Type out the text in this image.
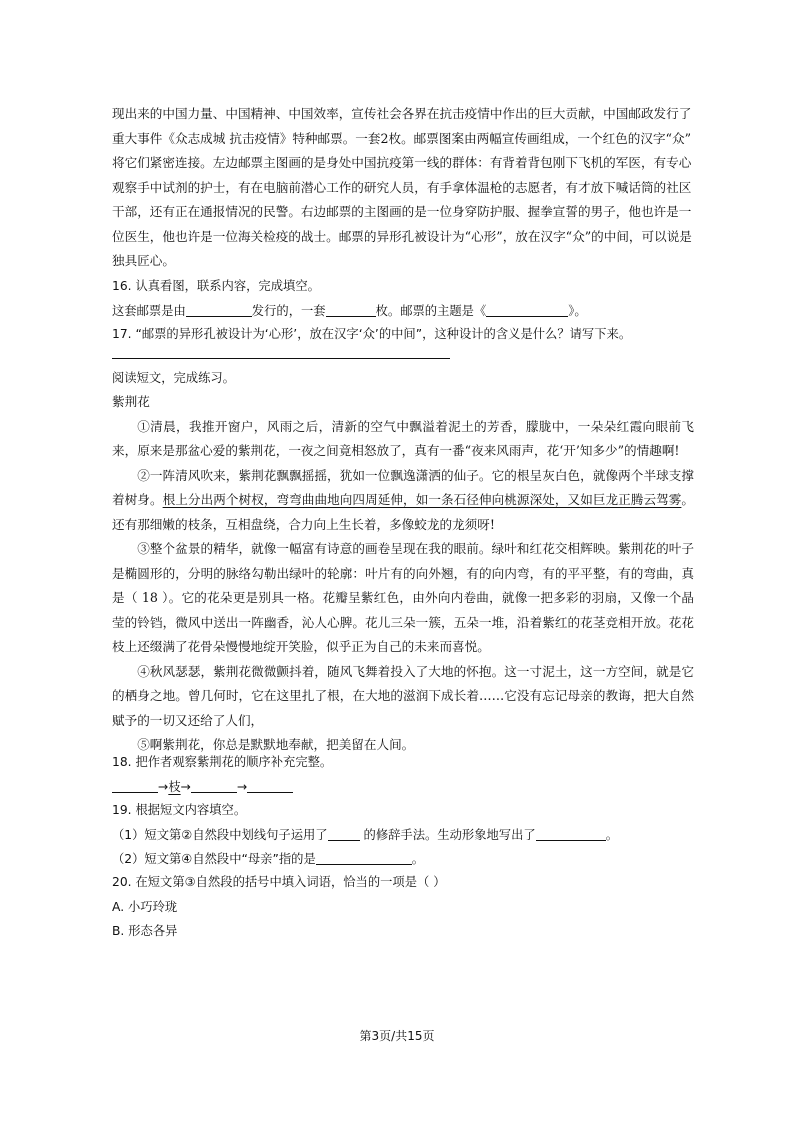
现出来的中国力量、中国精神、中国效率，宣传社会各界在抗击疫情中作出的巨大贡献，中国邮政发行了

重大事件《众志成城 抗击疫情》特种邮票。一套2枚。邮票图案由两幅宣传画组成，一个红色的汉字“众”

将它们紧密连接。左边邮票主图画的是身处中国抗疫第一线的群体：有背着背包刚下飞机的军医，有专心

观察手中试剂的护士，有在电脑前潜心工作的研究人员，有手拿体温枪的志愿者，有才放下喊话筒的社区

干部，还有正在通报情况的民警。右边邮票的主图画的是一位身穿防护服、握拳宣誓的男子，他也许是一

位医生，他也许是一位海关检疫的战士。邮票的异形孔被设计为“心形”，放在汉字“众”的中间，可以说是

独具匠心。

16. 认真看图，联系内容，完成填空。

这套邮票是由	发行的，一套	枚。邮票的主题是《	》。

17. “邮票的异形孔被设计为‘心形’，放在汉字‘众’的中间”，这种设计的含义是什么？请写下来。

阅读短文，完成练习。

紫荆花

①清晨，我推开窗户，风雨之后，清新的空气中飘溢着泥土的芳香，朦胧中，一朵朵红霞向眼前飞来，原来是那盆心爱的紫荆花，一夜之间竟相怒放了，真有一番“夜来风雨声，花‘开’知多少”的情趣啊!

②一阵清风吹来，紫荆花飘飘摇摇，犹如一位飘逸潇洒的仙子。它的根呈灰白色，就像两个半球支撑着树身。根上分出两个树杈，弯弯曲曲地向四周延伸，如一条石径伸向桃源深处，又如巨龙正腾云驾雾。还有那细嫩的枝条，互相盘绕，合力向上生长着，多像蛟龙的龙须呀!

③整个盆景的精华，就像一幅富有诗意的画卷呈现在我的眼前。绿叶和红花交相辉映。紫荆花的叶子是椭圆形的，分明的脉络勾勒出绿叶的轮廓：叶片有的向外翘，有的向内弯，有的平平整，有的弯曲，真是（ 18 ）。它的花朵更是别具一格。花瓣呈紫红色，由外向内卷曲，就像一把多彩的羽扇，又像一个晶莹的铃铛，微风中送出一阵幽香，沁人心脾。花儿三朵一簇，五朵一堆，沿着紫红的花茎竞相开放。花花枝上还缀满了花骨朵慢慢地绽开笑脸，似乎正为自己的未来而喜悦。

④秋风瑟瑟，紫荆花微微颤抖着，随风飞舞着投入了大地的怀抱。这一寸泥土，这一方空间，就是它的栖身之地。曾几何时，它在这里扎了根，在大地的滋润下成长着……它没有忘记母亲的教诲，把大自然赋予的一切又还给了人们，

⑤啊紫荆花，你总是默默地奉献，把美留在人间。

18. 把作者观察紫荆花的顺序补充完整。

→枝→	→

19. 根据短文内容填空。

（1）短文第②自然段中划线句子运用了	的修辞手法。生动形象地写出了	。

（2）短文第④自然段中“母亲”指的是	。

20. 在短文第③自然段的括号中填入词语，恰当的一项是（ ）

A. 小巧玲珑

B. 形态各异

第3页/共15页
